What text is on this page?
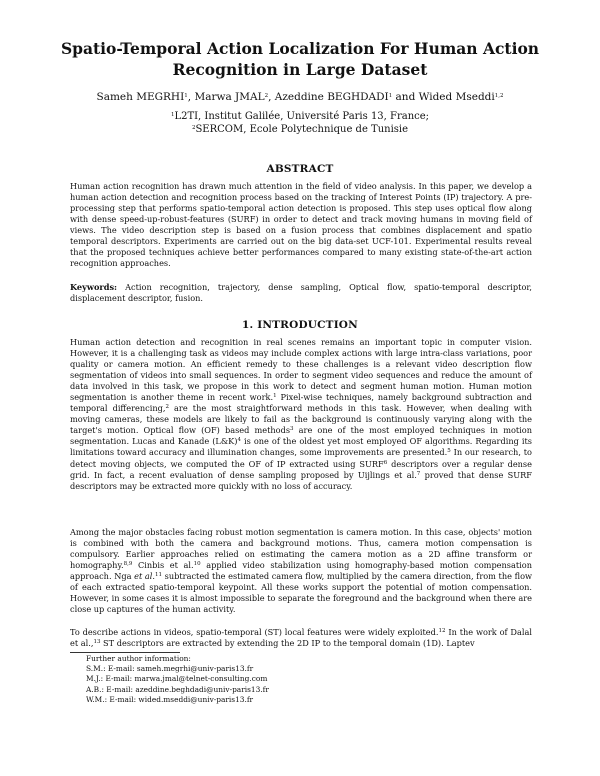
Spatio-Temporal Action Localization For Human Action
Recognition in Large Dataset
Sameh MEGRHI$^1$, Marwa JMAL$^2$, Azeddine BEGHDADI$^1$ and Wided Mseddi$^{1,2}$
$^1$L2TI, Institut Galilée, Université Paris 13, France;
$^2$SERCOM, Ecole Polytechnique de Tunisie
ABSTRACT

Human action recognition has drawn much attention in the field of video analysis. In this paper, we develop a human action detection and recognition process based on the tracking of Interest Points (IP) trajectory. A pre-processing step that performs spatio-temporal action detection is proposed. This step uses optical flow along with dense speed-up-robust-features (SURF) in order to detect and track moving humans in moving field of views. The video description step is based on a fusion process that combines displacement and spatio temporal descriptors. Experiments are carried out on the big data-set UCF-101. Experimental results reveal that the proposed techniques achieve better performances compared to many existing state-of-the-art action recognition approaches.

Keywords: Action recognition, trajectory, dense sampling, Optical flow, spatio-temporal descriptor, displacement descriptor, fusion.

1. INTRODUCTION

Human action detection and recognition in real scenes remains an important topic in computer vision. However, it is a challenging task as videos may include complex actions with large intra-class variations, poor quality or camera motion. An efficient remedy to these challenges is a relevant video description flow segmentation of videos into small sequences. In order to segment video sequences and reduce the amount of data involved in this task, we propose in this work to detect and segment human motion. Human motion segmentation is another theme in recent work.$^1$ Pixel-wise techniques, namely background subtraction and temporal differencing,$^2$ are the most straightforward methods in this task. However, when dealing with moving cameras, these models are likely to fail as the background is continuously varying along with the target's motion. Optical flow (OF) based methods$^3$ are one of the most employed techniques in motion segmentation. Lucas and Kanade (L&K)$^4$ is one of the oldest yet most employed OF algorithms. Regarding its limitations toward accuracy and illumination changes, some improvements are presented.$^5$ In our research, to detect moving objects, we computed the OF of IP extracted using SURF$^6$ descriptors over a regular dense grid. In fact, a recent evaluation of dense sampling proposed by Uijlings et al.$^7$ proved that dense SURF descriptors may be extracted more quickly with no loss of accuracy.

Among the major obstacles facing robust motion segmentation is camera motion. In this case, objects' motion is combined with both the camera and background motions. Thus, camera motion compensation is compulsory. Earlier approaches relied on estimating the camera motion as a 2D affine transform or homography.$^{8,9}$ Cinbis et al.$^{10}$ applied video stabilization using homography-based motion compensation approach. Nga et al.$^{11}$ subtracted the estimated camera flow, multiplied by the camera direction, from the flow of each extracted spatio-temporal keypoint. All these works support the potential of motion compensation. However, in some cases it is almost impossible to separate the foreground and the background when there are close up captures of the human activity.

To describe actions in videos, spatio-temporal (ST) local features were widely exploited.$^{12}$ In the work of Dalal et al.,$^{13}$ ST descriptors are extracted by extending the 2D IP to the temporal domain (1D). Laptev

Further author information:
S.M.: E-mail: sameh.megrhi@univ-paris13.fr
M.J.: E-mail: marwa.jmal@telnet-consulting.com
A.B.: E-mail: azeddine.beghdadi@univ-paris13.fr
W.M.: E-mail: wided.mseddi@univ-paris13.fr
